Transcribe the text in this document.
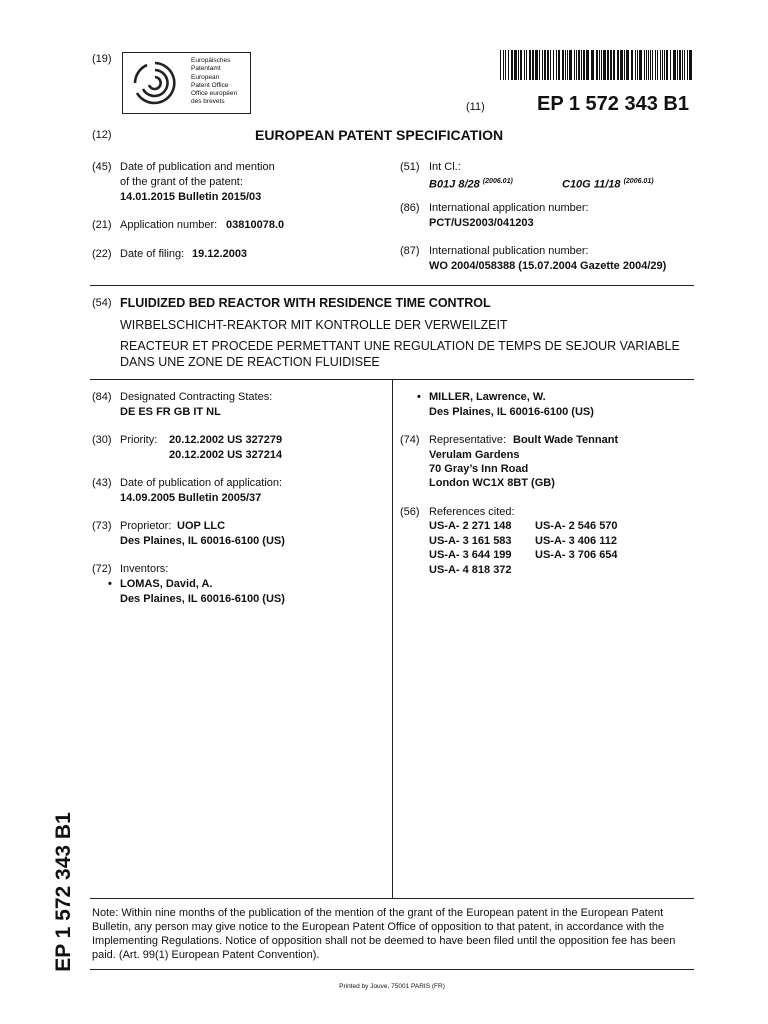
(19)	Europäisches
Patentamt
European
Patent Office
Office européen
des brevets	(11)	EP 1 572 343 B1
(12)	EUROPEAN PATENT SPECIFICATION
(45) Date of publication and mention
of the grant of the patent:
14.01.2015 Bulletin 2015/03
(21) Application number: 03810078.0
(22) Date of filing: 19.12.2003
(51) Int Cl.:
B01J 8/28 $^{(2006.01)}$	C10G 11/18 $^{(2006.01)}$
(86) International application number:
PCT/US2003/041203
(87) International publication number:
WO 2004/058388 (15.07.2004 Gazette 2004/29)
(54) FLUIDIZED BED REACTOR WITH RESIDENCE TIME CONTROL
WIRBELSCHICHT-REAKTOR MIT KONTROLLE DER VERWEILZEIT
REACTEUR ET PROCEDE PERMETTANT UNE REGULATION DE TEMPS DE SEJOUR VARIABLE
DANS UNE ZONE DE REACTION FLUIDISEE
(84) Designated Contracting States:
DE ES FR GB IT NL
(30) Priority: 20.12.2002 US 327279
20.12.2002 US 327214
(43) Date of publication of application:
14.09.2005 Bulletin 2005/37
(73) Proprietor: UOP LLC
Des Plaines, IL 60016-6100 (US)
(72) Inventors:
• LOMAS, David, A.
Des Plaines, IL 60016-6100 (US)
• MILLER, Lawrence, W.
Des Plaines, IL 60016-6100 (US)
(74) Representative: Boult Wade Tennant
Verulam Gardens
70 Gray’s Inn Road
London WC1X 8BT (GB)
(56) References cited:
US-A- 2 271 148 US-A- 2 546 570
US-A- 3 161 583 US-A- 3 406 112
US-A- 3 644 199 US-A- 3 706 654
US-A- 4 818 372
EP 1 572 343 B1 Note: Within nine months of the publication of the mention of the grant of the European patent in the European Patent
Bulletin, any person may give notice to the European Patent Office of opposition to that patent, in accordance with the
Implementing Regulations. Notice of opposition shall not be deemed to have been filed until the opposition fee has been
paid. (Art. 99(1) European Patent Convention).
Printed by Jouve, 75001 PARIS (FR)
